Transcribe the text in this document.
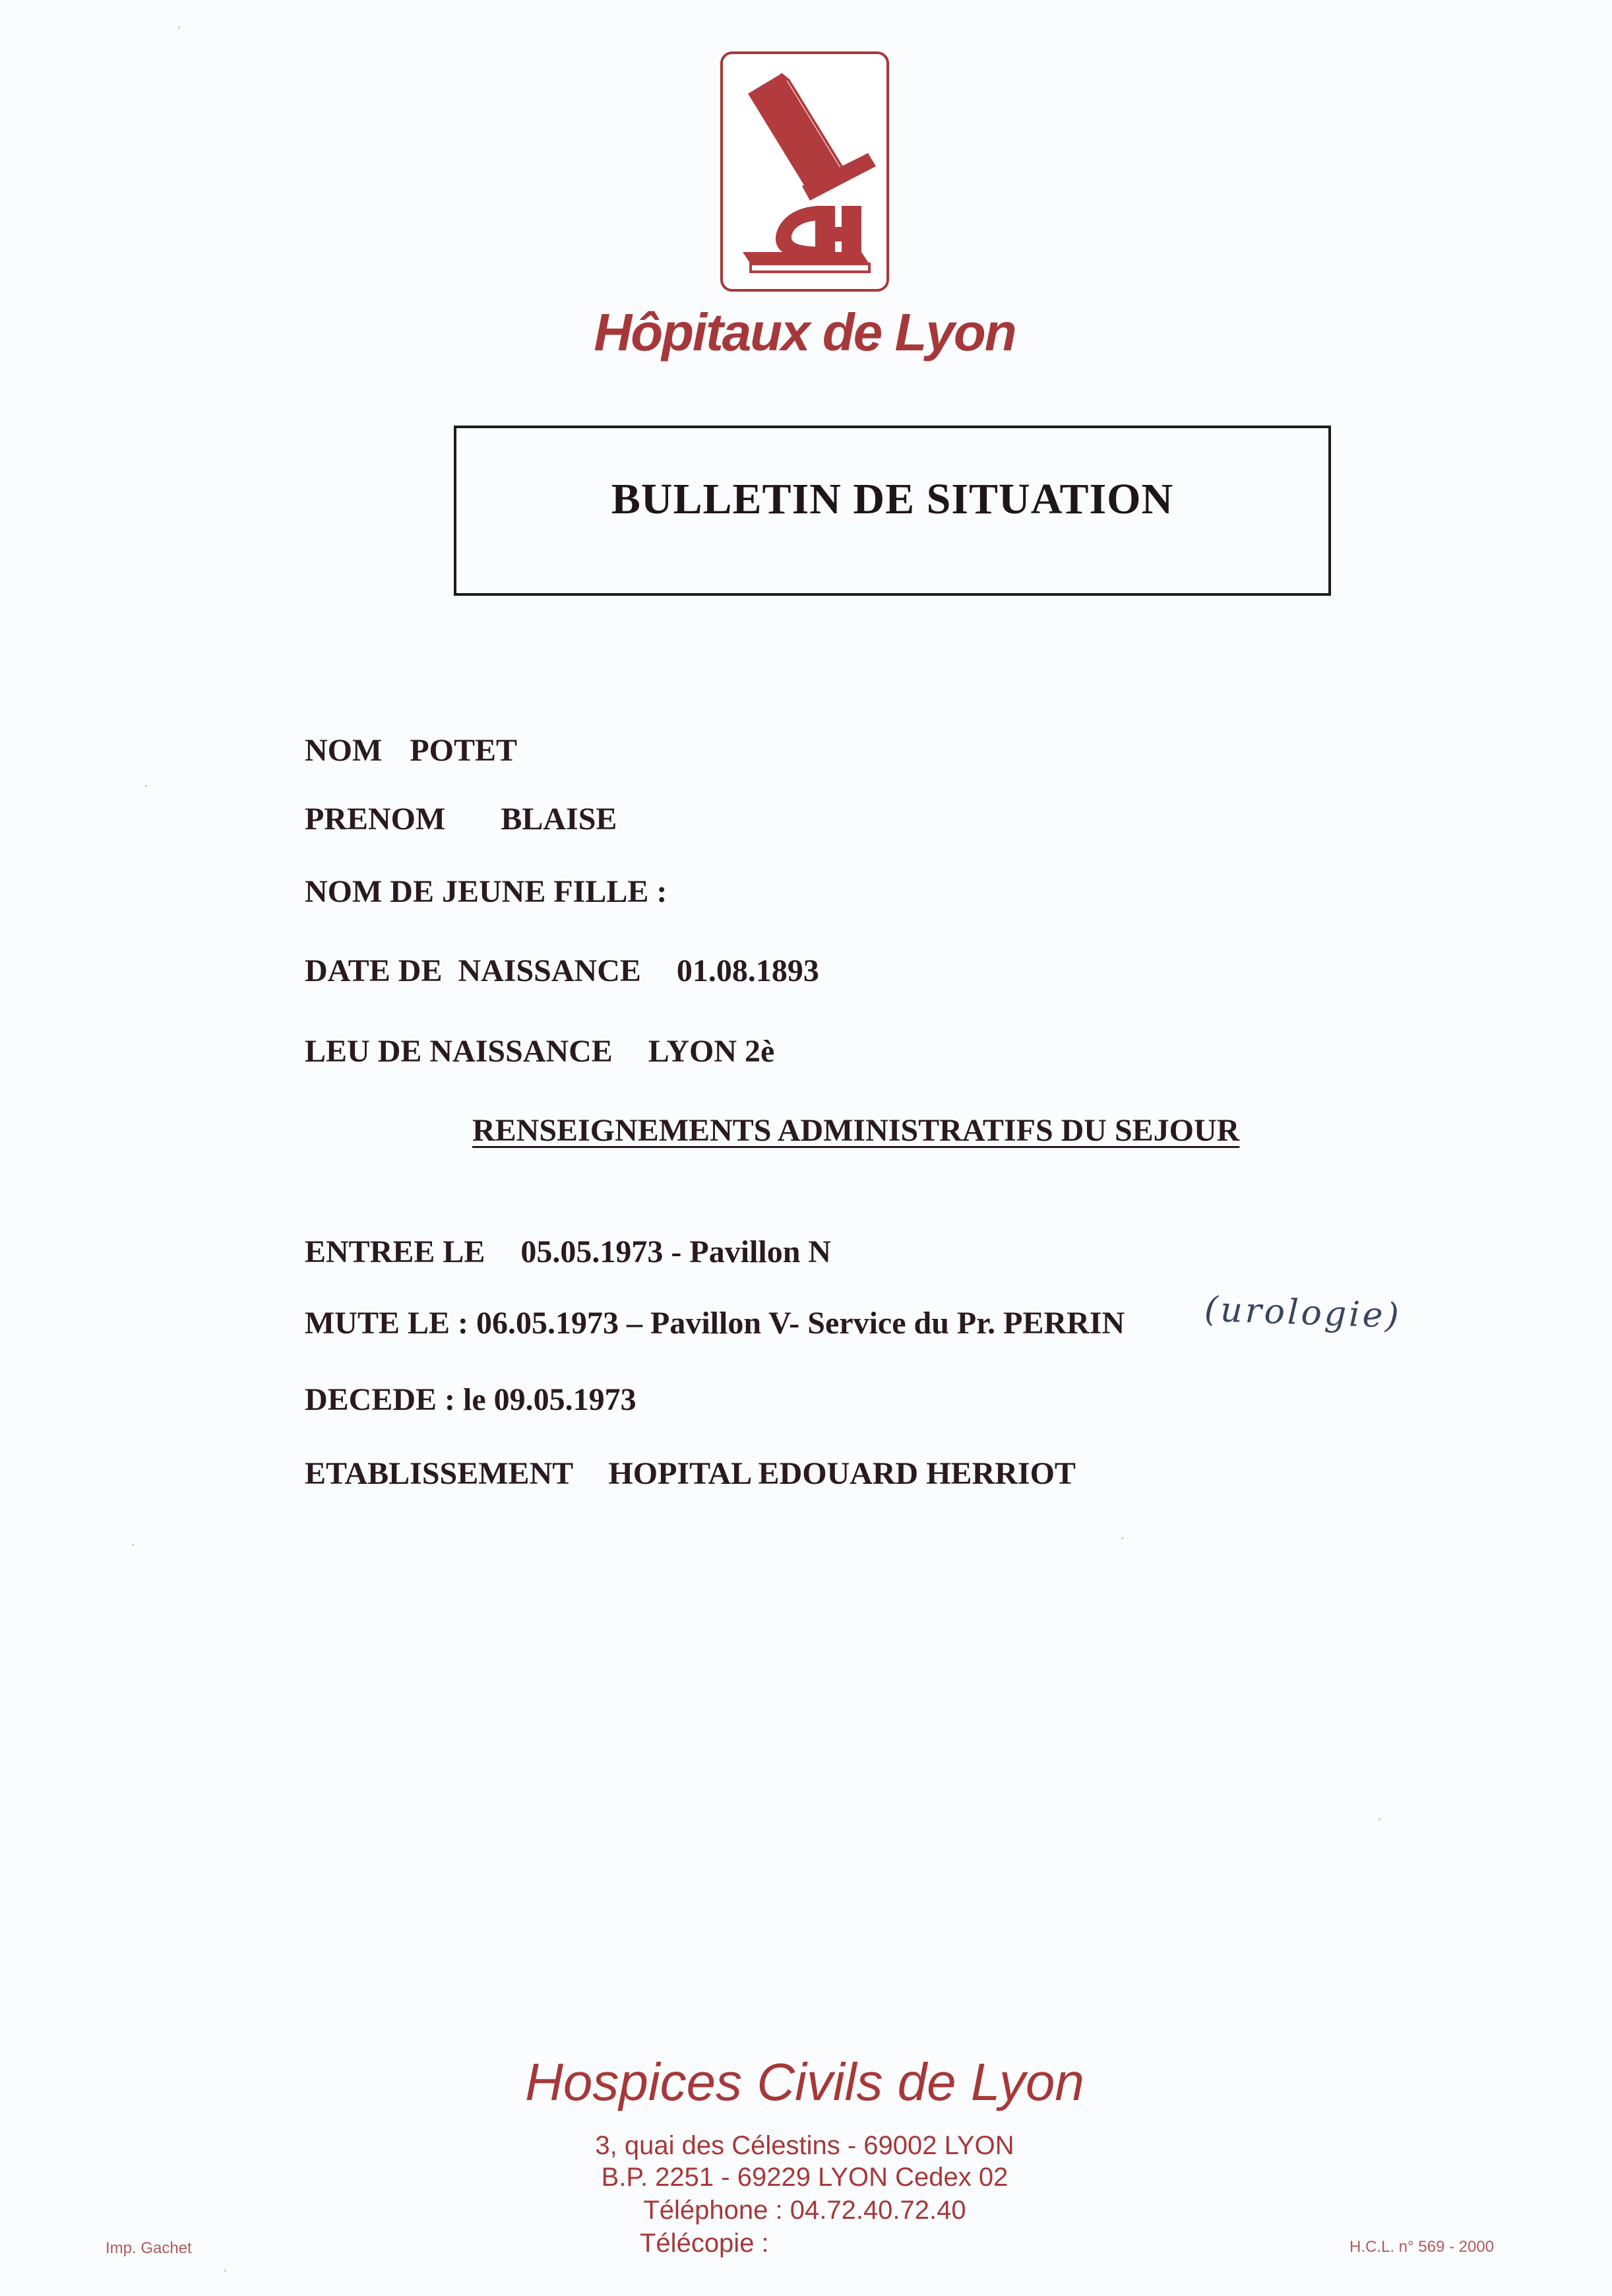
Hôpitaux de Lyon
BULLETIN DE SITUATION
NOM POTET
PRENOM BLAISE
NOM DE JEUNE FILLE :
DATE DE  NAISSANCE 01.08.1893
LEU DE NAISSANCE LYON 2è
RENSEIGNEMENTS ADMINISTRATIFS DU SEJOUR
ENTREE LE 05.05.1973 - Pavillon N
MUTE LE : 06.05.1973 – Pavillon V- Service du Pr. PERRIN (urologie)
DECEDE : le 09.05.1973
ETABLISSEMENT HOPITAL EDOUARD HERRIOT
Hospices Civils de Lyon
3, quai des Célestins - 69002 LYON
B.P. 2251 - 69229 LYON Cedex 02
Téléphone : 04.72.40.72.40
Télécopie :
Imp. Gachet	H.C.L. n° 569 - 2000
